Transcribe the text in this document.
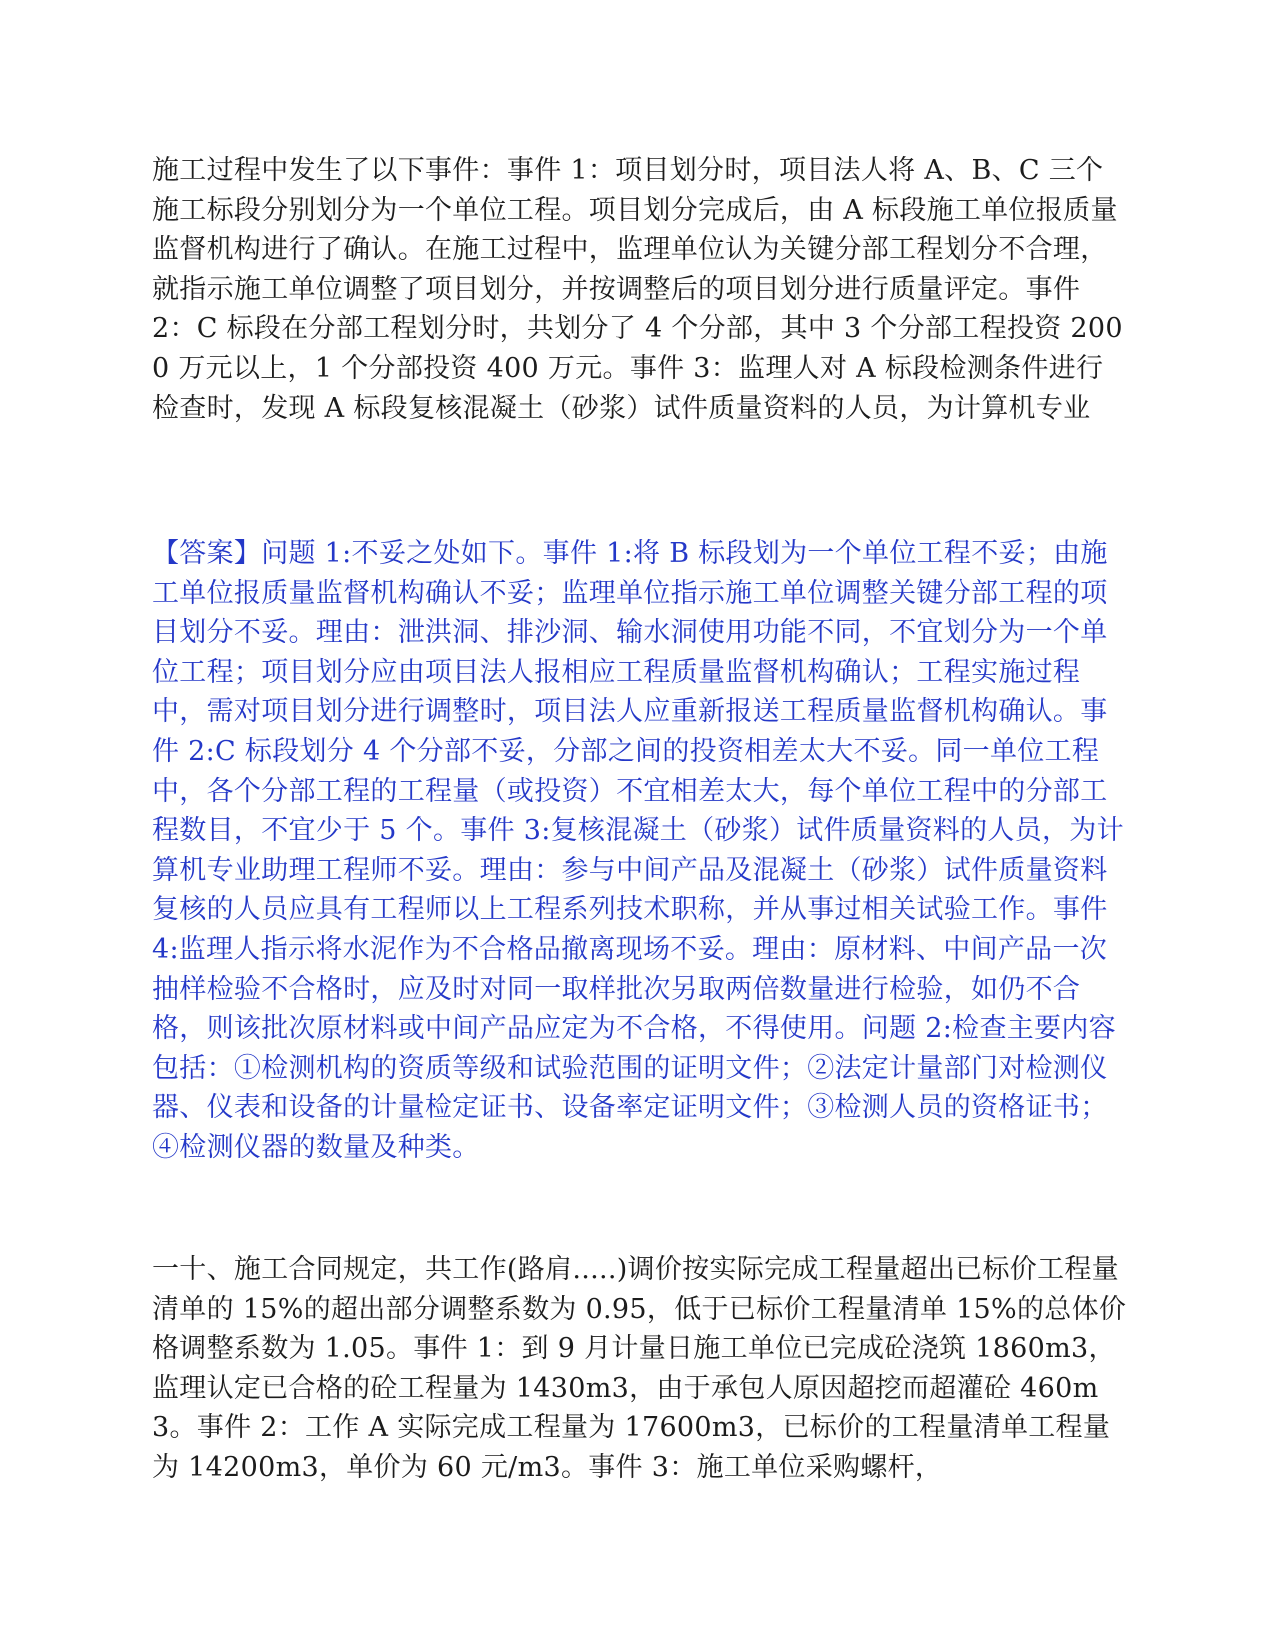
施工过程中发生了以下事件：事件 1：项目划分时，项目法人将 A、B、C 三个施工标段分别划分为一个单位工程。项目划分完成后，由 A 标段施工单位报质量监督机构进行了确认。在施工过程中，监理单位认为关键分部工程划分不合理，就指示施工单位调整了项目划分，并按调整后的项目划分进行质量评定。事件 2：C 标段在分部工程划分时，共划分了 4 个分部，其中 3 个分部工程投资 2000 万元以上，1 个分部投资 400 万元。事件 3：监理人对 A 标段检测条件进行检查时，发现 A 标段复核混凝土（砂浆）试件质量资料的人员，为计算机专业

【答案】问题 1:不妥之处如下。事件 1:将 B 标段划为一个单位工程不妥；由施工单位报质量监督机构确认不妥；监理单位指示施工单位调整关键分部工程的项目划分不妥。理由：泄洪洞、排沙洞、输水洞使用功能不同，不宜划分为一个单位工程；项目划分应由项目法人报相应工程质量监督机构确认；工程实施过程中，需对项目划分进行调整时，项目法人应重新报送工程质量监督机构确认。事件 2:C 标段划分 4 个分部不妥，分部之间的投资相差太大不妥。同一单位工程中，各个分部工程的工程量（或投资）不宜相差太大，每个单位工程中的分部工程数目，不宜少于 5 个。事件 3:复核混凝土（砂浆）试件质量资料的人员，为计算机专业助理工程师不妥。理由：参与中间产品及混凝土（砂浆）试件质量资料复核的人员应具有工程师以上工程系列技术职称，并从事过相关试验工作。事件 4:监理人指示将水泥作为不合格品撤离现场不妥。理由：原材料、中间产品一次抽样检验不合格时，应及时对同一取样批次另取两倍数量进行检验，如仍不合格，则该批次原材料或中间产品应定为不合格，不得使用。问题 2:检查主要内容包括：①检测机构的资质等级和试验范围的证明文件；②法定计量部门对检测仪器、仪表和设备的计量检定证书、设备率定证明文件；③检测人员的资格证书；④检测仪器的数量及种类。

一十、施工合同规定，共工作(路肩.....)调价按实际完成工程量超出已标价工程量清单的 15%的超出部分调整系数为 0.95，低于已标价工程量清单 15%的总体价格调整系数为 1.05。事件 1：到 9 月计量日施工单位已完成砼浇筑 1860m3，监理认定已合格的砼工程量为 1430m3，由于承包人原因超挖而超灌砼 460m3。事件 2：工作 A 实际完成工程量为 17600m3，已标价的工程量清单工程量为 14200m3，单价为 60 元/m3。事件 3：施工单位采购螺杆，
